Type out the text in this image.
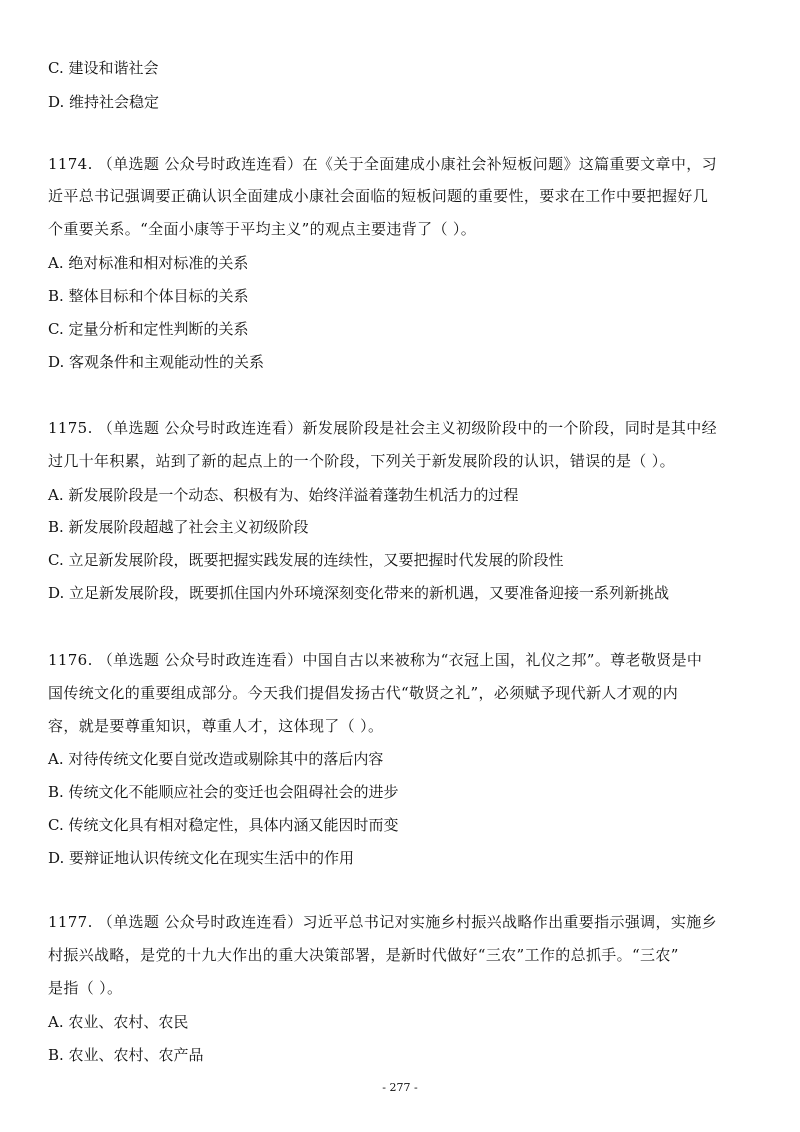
C. 建设和谐社会
D. 维持社会稳定
1174. （单选题 公众号时政连连看）在《关于全面建成小康社会补短板问题》这篇重要文章中，习
近平总书记强调要正确认识全面建成小康社会面临的短板问题的重要性，要求在工作中要把握好几
个重要关系。“全面小康等于平均主义”的观点主要违背了（ ）。
A. 绝对标准和相对标准的关系
B. 整体目标和个体目标的关系
C. 定量分析和定性判断的关系
D. 客观条件和主观能动性的关系
1175. （单选题 公众号时政连连看）新发展阶段是社会主义初级阶段中的一个阶段，同时是其中经
过几十年积累，站到了新的起点上的一个阶段，下列关于新发展阶段的认识，错误的是（ ）。
A. 新发展阶段是一个动态、积极有为、始终洋溢着蓬勃生机活力的过程
B. 新发展阶段超越了社会主义初级阶段
C. 立足新发展阶段，既要把握实践发展的连续性，又要把握时代发展的阶段性
D. 立足新发展阶段，既要抓住国内外环境深刻变化带来的新机遇，又要准备迎接一系列新挑战
1176. （单选题 公众号时政连连看）中国自古以来被称为“衣冠上国，礼仪之邦”。尊老敬贤是中
国传统文化的重要组成部分。今天我们提倡发扬古代“敬贤之礼”，必须赋予现代新人才观的内
容，就是要尊重知识，尊重人才，这体现了（ ）。
A. 对待传统文化要自觉改造或剔除其中的落后内容
B. 传统文化不能顺应社会的变迁也会阻碍社会的进步
C. 传统文化具有相对稳定性，具体内涵又能因时而变
D. 要辩证地认识传统文化在现实生活中的作用
1177. （单选题 公众号时政连连看）习近平总书记对实施乡村振兴战略作出重要指示强调，实施乡
村振兴战略，是党的十九大作出的重大决策部署，是新时代做好“三农”工作的总抓手。“三农”
是指（ ）。
A. 农业、农村、农民
B. 农业、农村、农产品
- 277 -
